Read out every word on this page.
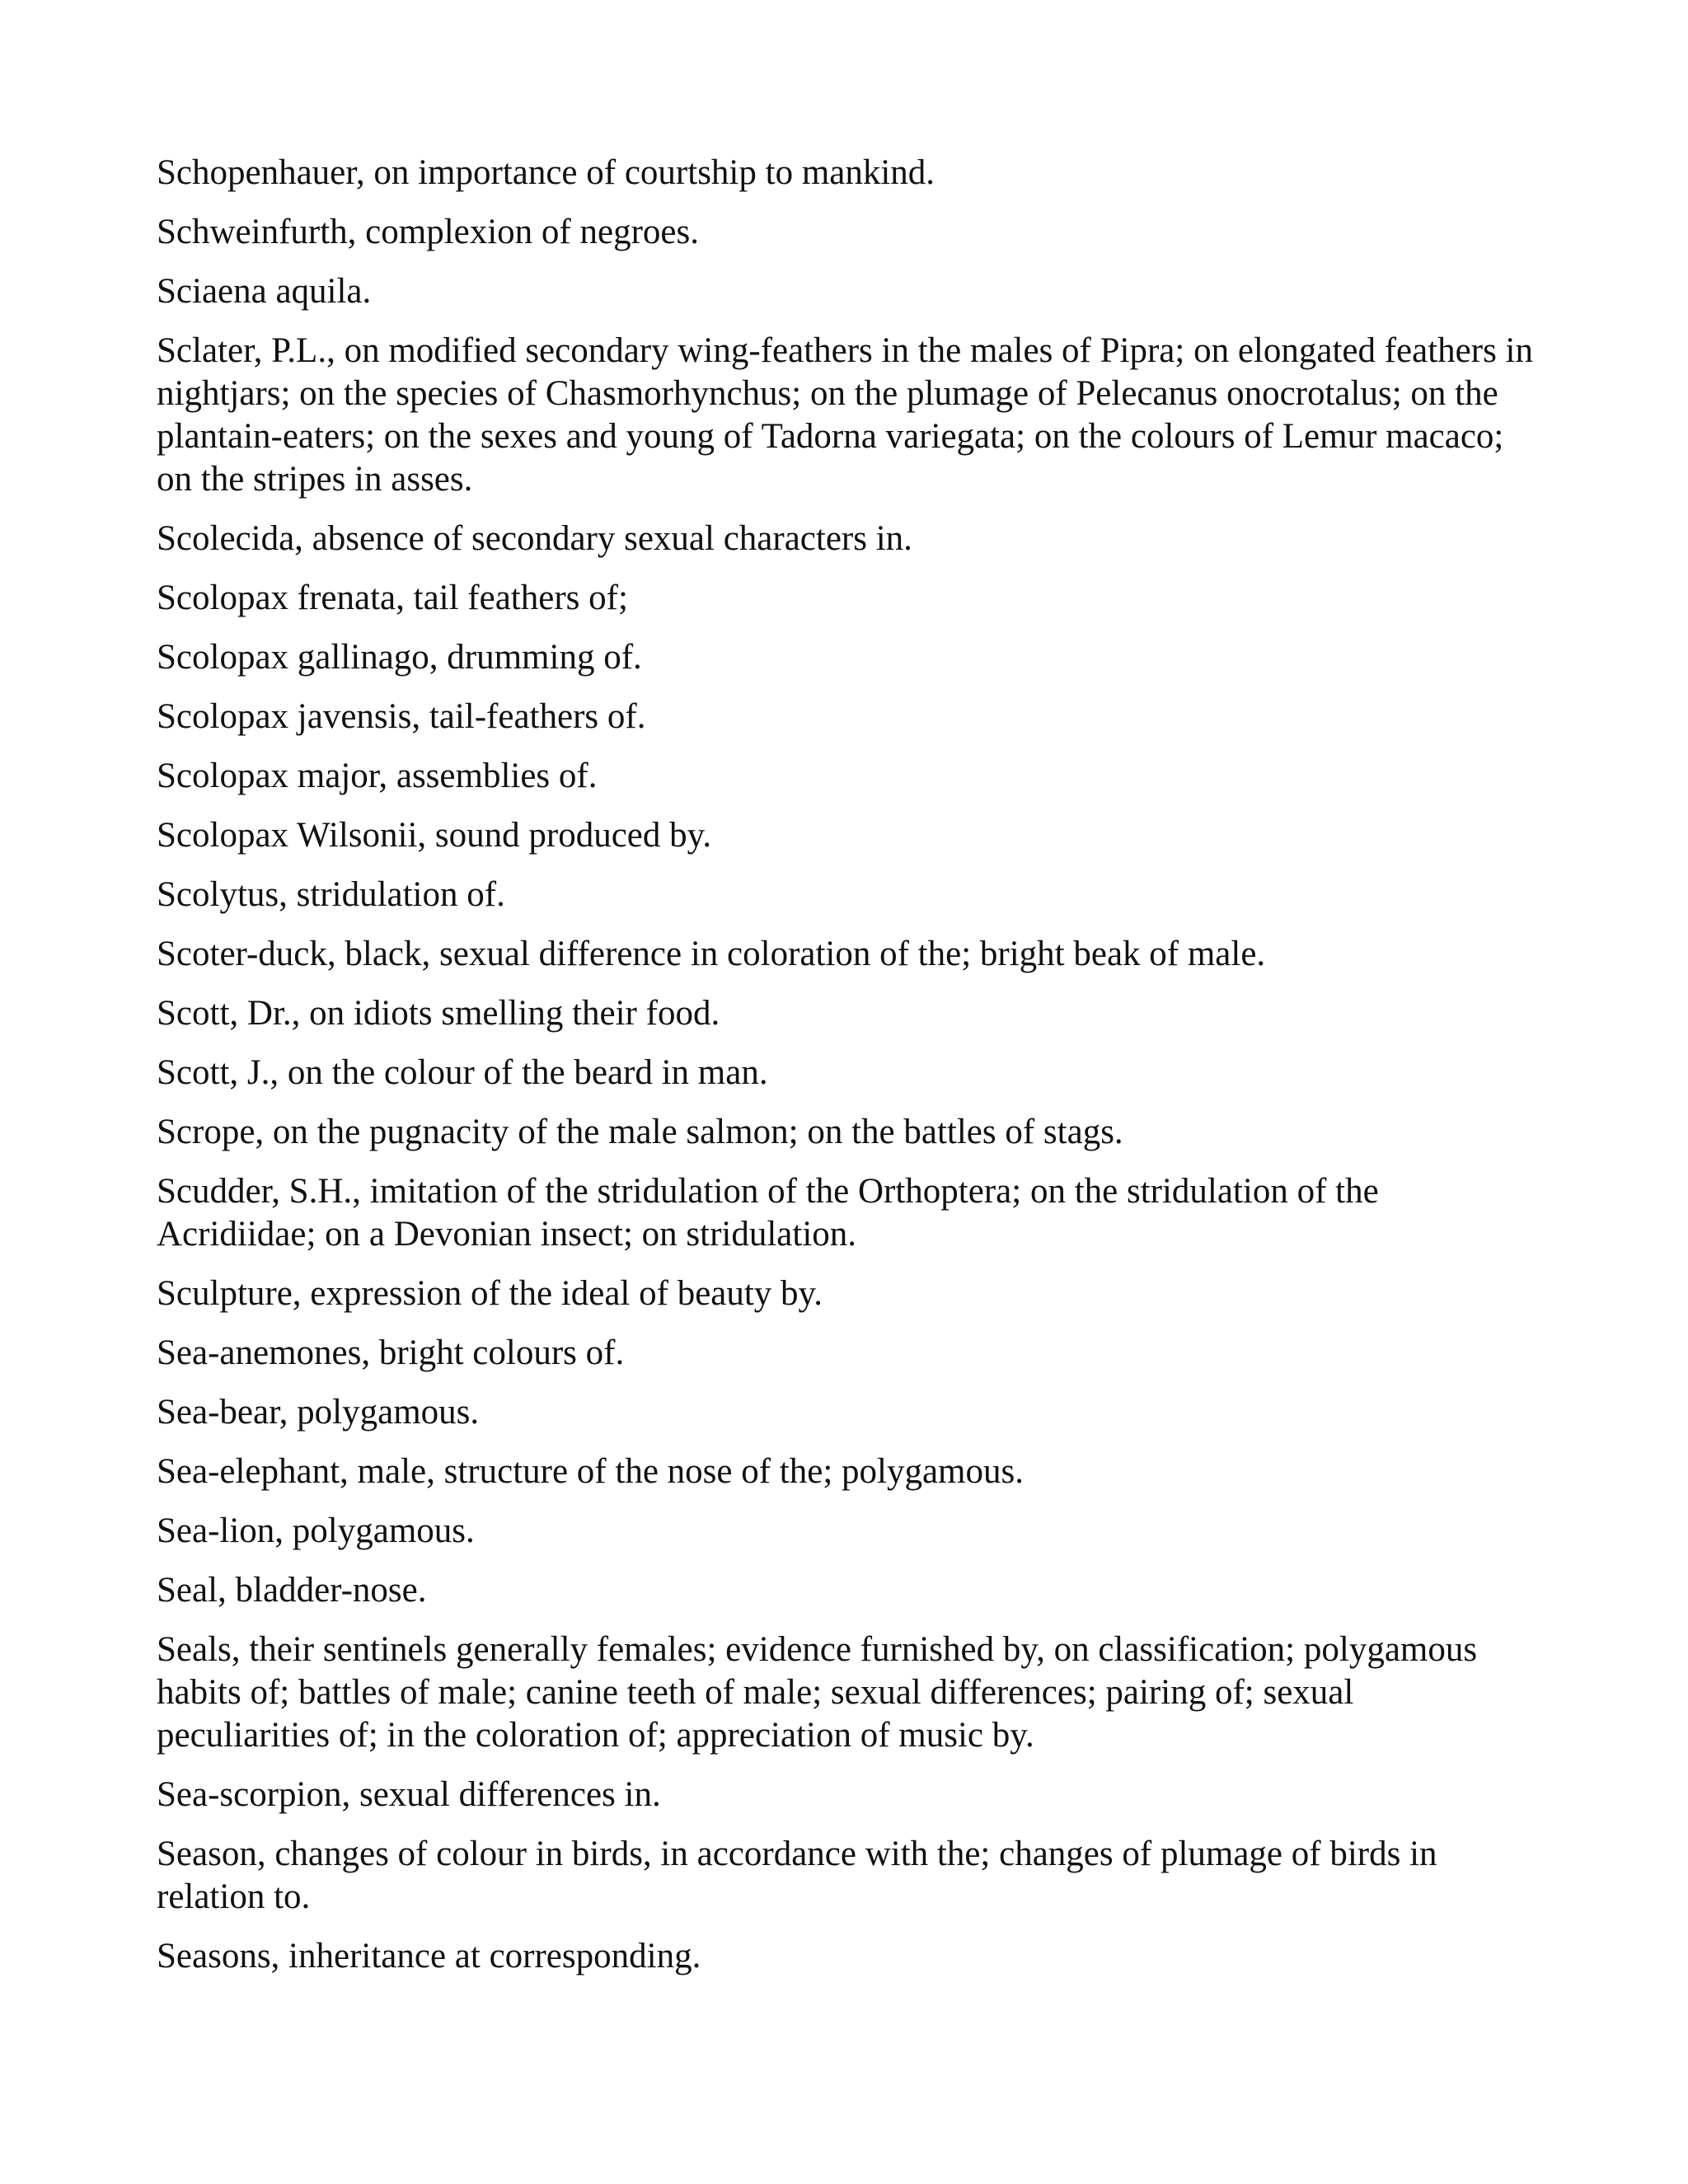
Schopenhauer, on importance of courtship to mankind.
Schweinfurth, complexion of negroes.
Sciaena aquila.
Sclater, P.L., on modified secondary wing-feathers in the males of Pipra; on elongated feathers in nightjars; on the species of Chasmorhynchus; on the plumage of Pelecanus onocrotalus; on the plantain-eaters; on the sexes and young of Tadorna variegata; on the colours of Lemur macaco; on the stripes in asses.
Scolecida, absence of secondary sexual characters in.
Scolopax frenata, tail feathers of;
Scolopax gallinago, drumming of.
Scolopax javensis, tail-feathers of.
Scolopax major, assemblies of.
Scolopax Wilsonii, sound produced by.
Scolytus, stridulation of.
Scoter-duck, black, sexual difference in coloration of the; bright beak of male.
Scott, Dr., on idiots smelling their food.
Scott, J., on the colour of the beard in man.
Scrope, on the pugnacity of the male salmon; on the battles of stags.
Scudder, S.H., imitation of the stridulation of the Orthoptera; on the stridulation of the Acridiidae; on a Devonian insect; on stridulation.
Sculpture, expression of the ideal of beauty by.
Sea-anemones, bright colours of.
Sea-bear, polygamous.
Sea-elephant, male, structure of the nose of the; polygamous.
Sea-lion, polygamous.
Seal, bladder-nose.
Seals, their sentinels generally females; evidence furnished by, on classification; polygamous habits of; battles of male; canine teeth of male; sexual differences; pairing of; sexual peculiarities of; in the coloration of; appreciation of music by.
Sea-scorpion, sexual differences in.
Season, changes of colour in birds, in accordance with the; changes of plumage of birds in relation to.
Seasons, inheritance at corresponding.
